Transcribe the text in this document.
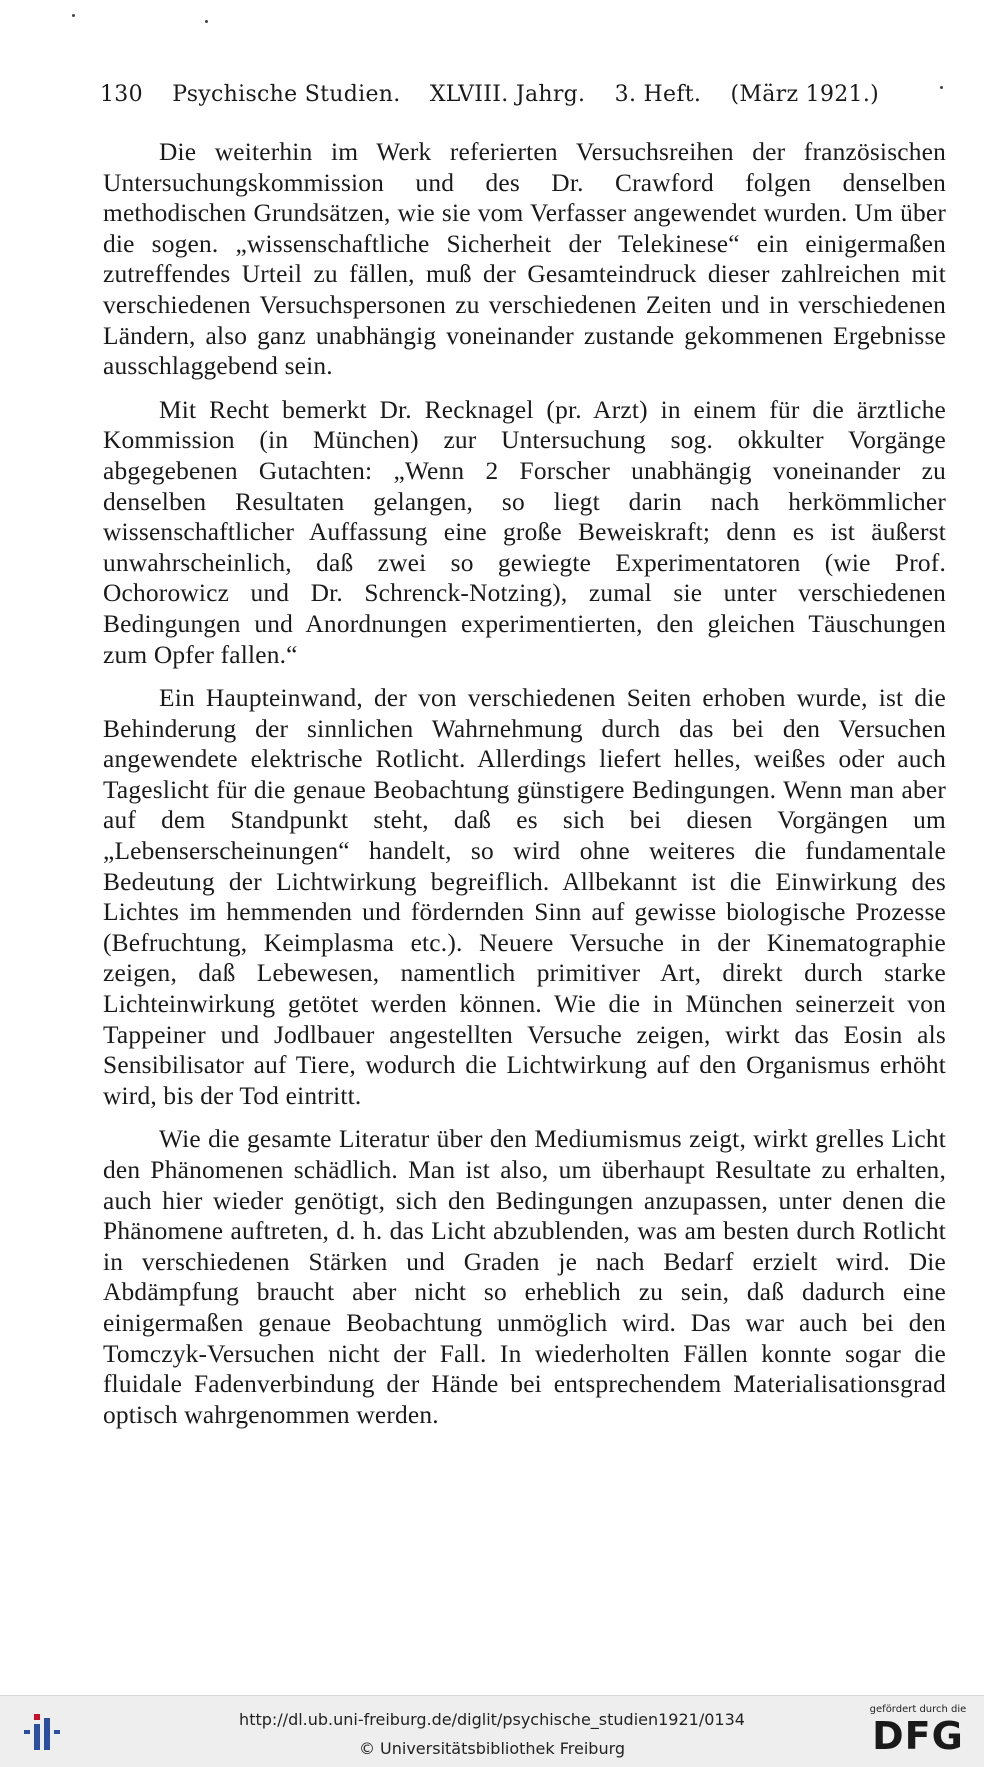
130 Psychische Studien. XLVIII. Jahrg. 3. Heft. (März 1921.)

Die weiterhin im Werk referierten Versuchsreihen der französischen Untersuchungskommission und des Dr. Crawford folgen denselben methodischen Grundsätzen, wie sie vom Verfasser angewendet wurden. Um über die sogen. „wissenschaftliche Sicherheit der Telekinese“ ein einigermaßen zutreffendes Urteil zu fällen, muß der Gesamteindruck dieser zahlreichen mit verschiedenen Versuchspersonen zu verschiedenen Zeiten und in verschiedenen Ländern, also ganz unabhängig voneinander zustande gekommenen Ergebnisse ausschlaggebend sein.

Mit Recht bemerkt Dr. Recknagel (pr. Arzt) in einem für die ärztliche Kommission (in München) zur Untersuchung sog. okkulter Vorgänge abgegebenen Gutachten: „Wenn 2 Forscher unabhängig voneinander zu denselben Resultaten gelangen, so liegt darin nach herkömmlicher wissenschaftlicher Auffassung eine große Beweiskraft; denn es ist äußerst unwahrscheinlich, daß zwei so gewiegte Experimentatoren (wie Prof. Ochorowicz und Dr. Schrenck-Notzing), zumal sie unter verschiedenen Bedingungen und Anordnungen experimentierten, den gleichen Täuschungen zum Opfer fallen.“

Ein Haupteinwand, der von verschiedenen Seiten erhoben wurde, ist die Behinderung der sinnlichen Wahrnehmung durch das bei den Versuchen angewendete elektrische Rotlicht. Allerdings liefert helles, weißes oder auch Tageslicht für die genaue Beobachtung günstigere Bedingungen. Wenn man aber auf dem Standpunkt steht, daß es sich bei diesen Vorgängen um „Lebenserscheinungen“ handelt, so wird ohne weiteres die fundamentale Bedeutung der Lichtwirkung begreiflich. Allbekannt ist die Einwirkung des Lichtes im hemmenden und fördernden Sinn auf gewisse biologische Prozesse (Befruchtung, Keimplasma etc.). Neuere Versuche in der Kinematographie zeigen, daß Lebewesen, namentlich primitiver Art, direkt durch starke Lichteinwirkung getötet werden können. Wie die in München seinerzeit von Tappeiner und Jodlbauer angestellten Versuche zeigen, wirkt das Eosin als Sensibilisator auf Tiere, wodurch die Lichtwirkung auf den Organismus erhöht wird, bis der Tod eintritt.

Wie die gesamte Literatur über den Mediumismus zeigt, wirkt grelles Licht den Phänomenen schädlich. Man ist also, um überhaupt Resultate zu erhalten, auch hier wieder genötigt, sich den Bedingungen anzupassen, unter denen die Phänomene auftreten, d. h. das Licht abzublenden, was am besten durch Rotlicht in verschiedenen Stärken und Graden je nach Bedarf erzielt wird. Die Abdämpfung braucht aber nicht so erheblich zu sein, daß dadurch eine einigermaßen genaue Beobachtung unmöglich wird. Das war auch bei den Tomczyk-Versuchen nicht der Fall. In wiederholten Fällen konnte sogar die fluidale Fadenverbindung der Hände bei entsprechendem Materialisationsgrad optisch wahrgenommen werden.

http://dl.ub.uni-freiburg.de/diglit/psychische_studien1921/0134
© Universitätsbibliothek Freiburg
gefördert durch die
DFG
